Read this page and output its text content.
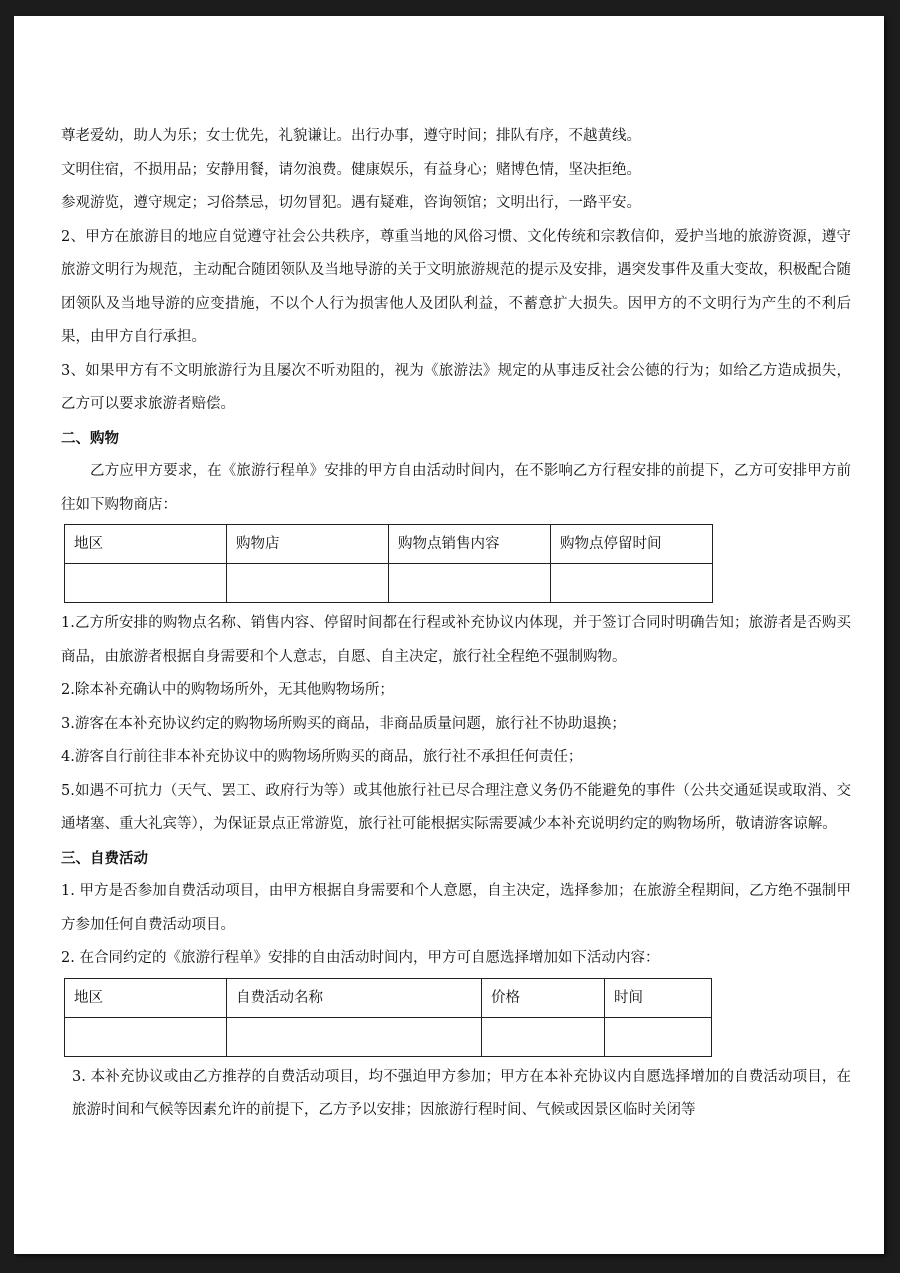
尊老爱幼，助人为乐；女士优先，礼貌谦让。出行办事，遵守时间；排队有序，不越黄线。

文明住宿，不损用品；安静用餐，请勿浪费。健康娱乐，有益身心；赌博色情，坚决拒绝。

参观游览，遵守规定；习俗禁忌，切勿冒犯。遇有疑难，咨询领馆；文明出行，一路平安。

2、甲方在旅游目的地应自觉遵守社会公共秩序，尊重当地的风俗习惯、文化传统和宗教信仰，爱护当地的旅游资源，遵守旅游文明行为规范，主动配合随团领队及当地导游的关于文明旅游规范的提示及安排，遇突发事件及重大变故，积极配合随团领队及当地导游的应变措施，不以个人行为损害他人及团队利益，不蓄意扩大损失。因甲方的不文明行为产生的不利后果，由甲方自行承担。

3、如果甲方有不文明旅游行为且屡次不听劝阻的，视为《旅游法》规定的从事违反社会公德的行为；如给乙方造成损失，乙方可以要求旅游者赔偿。

二、购物

乙方应甲方要求，在《旅游行程单》安排的甲方自由活动时间内，在不影响乙方行程安排的前提下，乙方可安排甲方前往如下购物商店：

地区	购物店	购物点销售内容	购物点停留时间

1.乙方所安排的购物点名称、销售内容、停留时间都在行程或补充协议内体现，并于签订合同时明确告知；旅游者是否购买商品，由旅游者根据自身需要和个人意志，自愿、自主决定，旅行社全程绝不强制购物。

2.除本补充确认中的购物场所外，无其他购物场所；

3.游客在本补充协议约定的购物场所购买的商品，非商品质量问题，旅行社不协助退换；

4.游客自行前往非本补充协议中的购物场所购买的商品，旅行社不承担任何责任；

5.如遇不可抗力（天气、罢工、政府行为等）或其他旅行社已尽合理注意义务仍不能避免的事件（公共交通延误或取消、交通堵塞、重大礼宾等），为保证景点正常游览，旅行社可能根据实际需要减少本补充说明约定的购物场所，敬请游客谅解。

三、自费活动

1. 甲方是否参加自费活动项目，由甲方根据自身需要和个人意愿，自主决定，选择参加；在旅游全程期间，乙方绝不强制甲方参加任何自费活动项目。

2. 在合同约定的《旅游行程单》安排的自由活动时间内，甲方可自愿选择增加如下活动内容：

地区	自费活动名称	价格	时间

3. 本补充协议或由乙方推荐的自费活动项目，均不强迫甲方参加；甲方在本补充协议内自愿选择增加的自费活动项目，在旅游时间和气候等因素允许的前提下，乙方予以安排；因旅游行程时间、气候或因景区临时关闭等
